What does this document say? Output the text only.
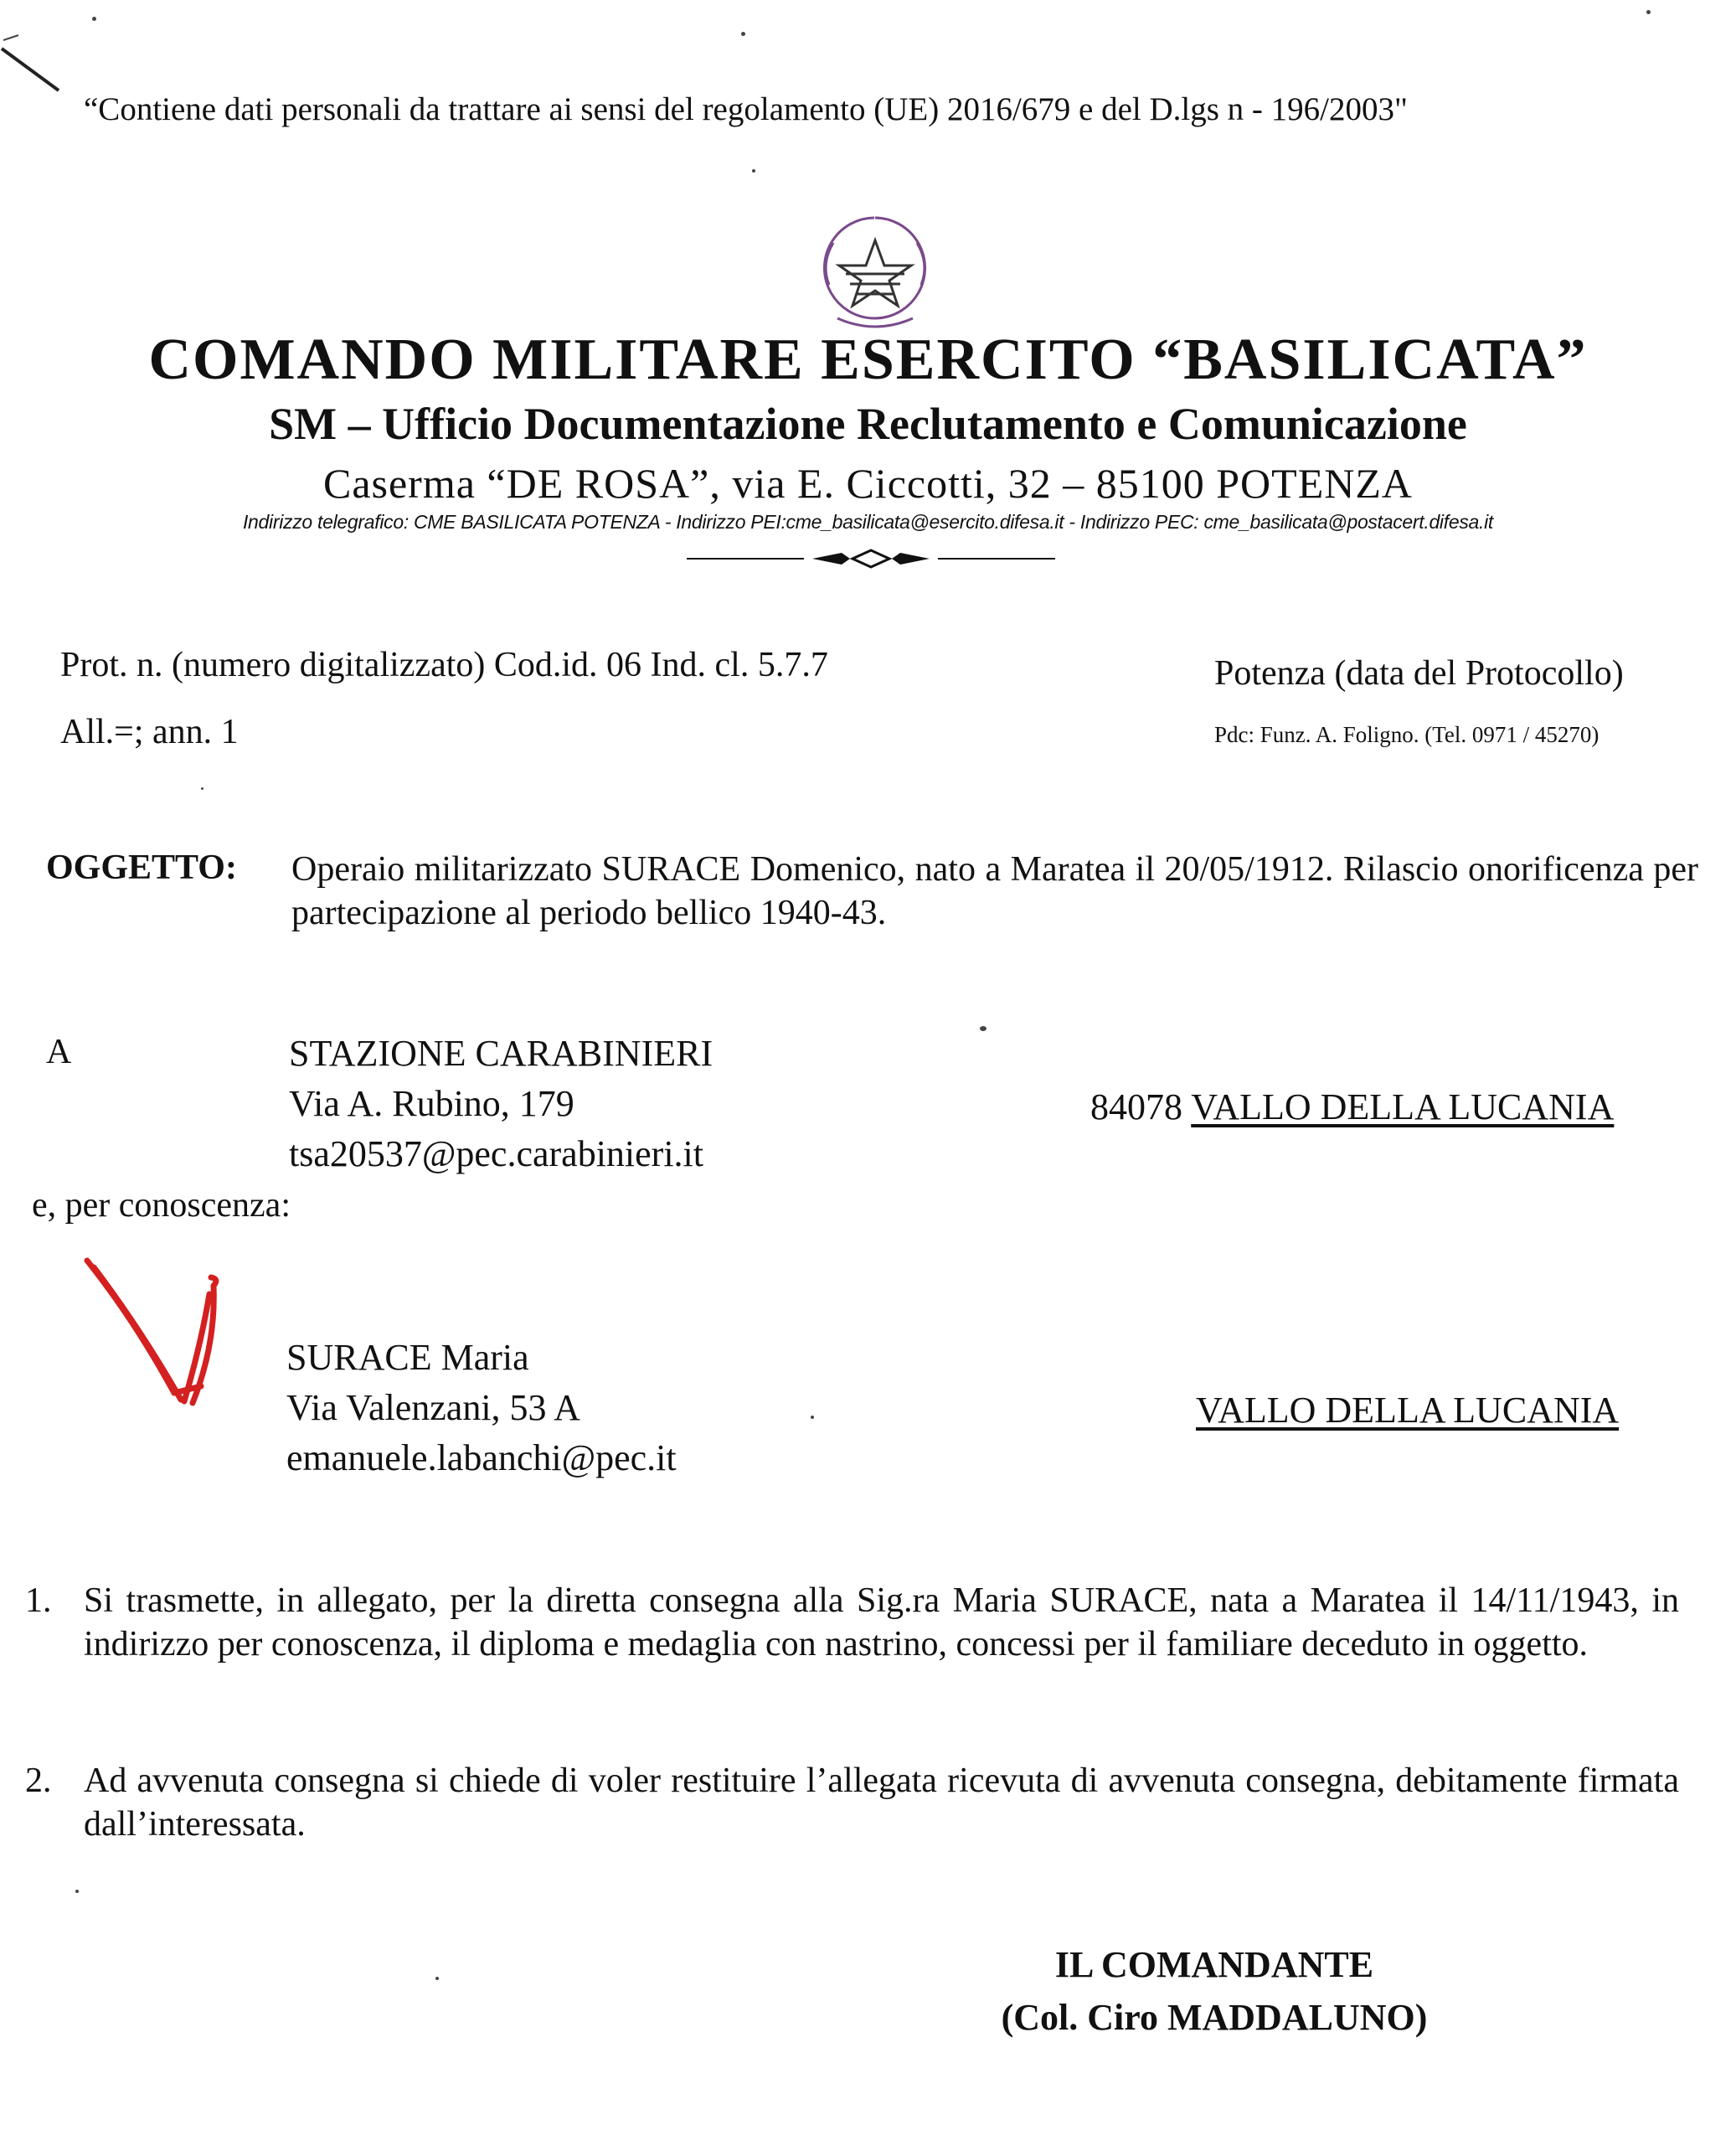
“Contiene dati personali da trattare ai sensi del regolamento (UE) 2016/679 e del D.lgs n - 196/2003"
COMANDO MILITARE ESERCITO “BASILICATA”
SM – Ufficio Documentazione Reclutamento e Comunicazione
Caserma “DE ROSA”, via E. Ciccotti, 32 – 85100 POTENZA
Indirizzo telegrafico: CME BASILICATA POTENZA - Indirizzo PEI:cme_basilicata@esercito.difesa.it - Indirizzo PEC: cme_basilicata@postacert.difesa.it
Prot. n. (numero digitalizzato) Cod.id. 06 Ind. cl. 5.7.7	Potenza (data del Protocollo)
All.=; ann. 1	Pdc: Funz. A. Foligno. (Tel. 0971 / 45270)
OGGETTO: Operaio militarizzato SURACE Domenico, nato a Maratea il 20/05/1912. Rilascio onorificenza per partecipazione al periodo bellico 1940-43.
A	STAZIONE CARABINIERI
Via A. Rubino, 179
tsa20537@pec.carabinieri.it
84078 VALLO DELLA LUCANIA
e, per conoscenza:
SURACE Maria
Via Valenzani, 53 A
emanuele.labanchi@pec.it
VALLO DELLA LUCANIA
1. Si trasmette, in allegato, per la diretta consegna alla Sig.ra Maria SURACE, nata a Maratea il 14/11/1943, in indirizzo per conoscenza, il diploma e medaglia con nastrino, concessi per il familiare deceduto in oggetto.
2. Ad avvenuta consegna si chiede di voler restituire l’allegata ricevuta di avvenuta consegna, debitamente firmata dall’interessata.
IL COMANDANTE
(Col. Ciro MADDALUNO)
